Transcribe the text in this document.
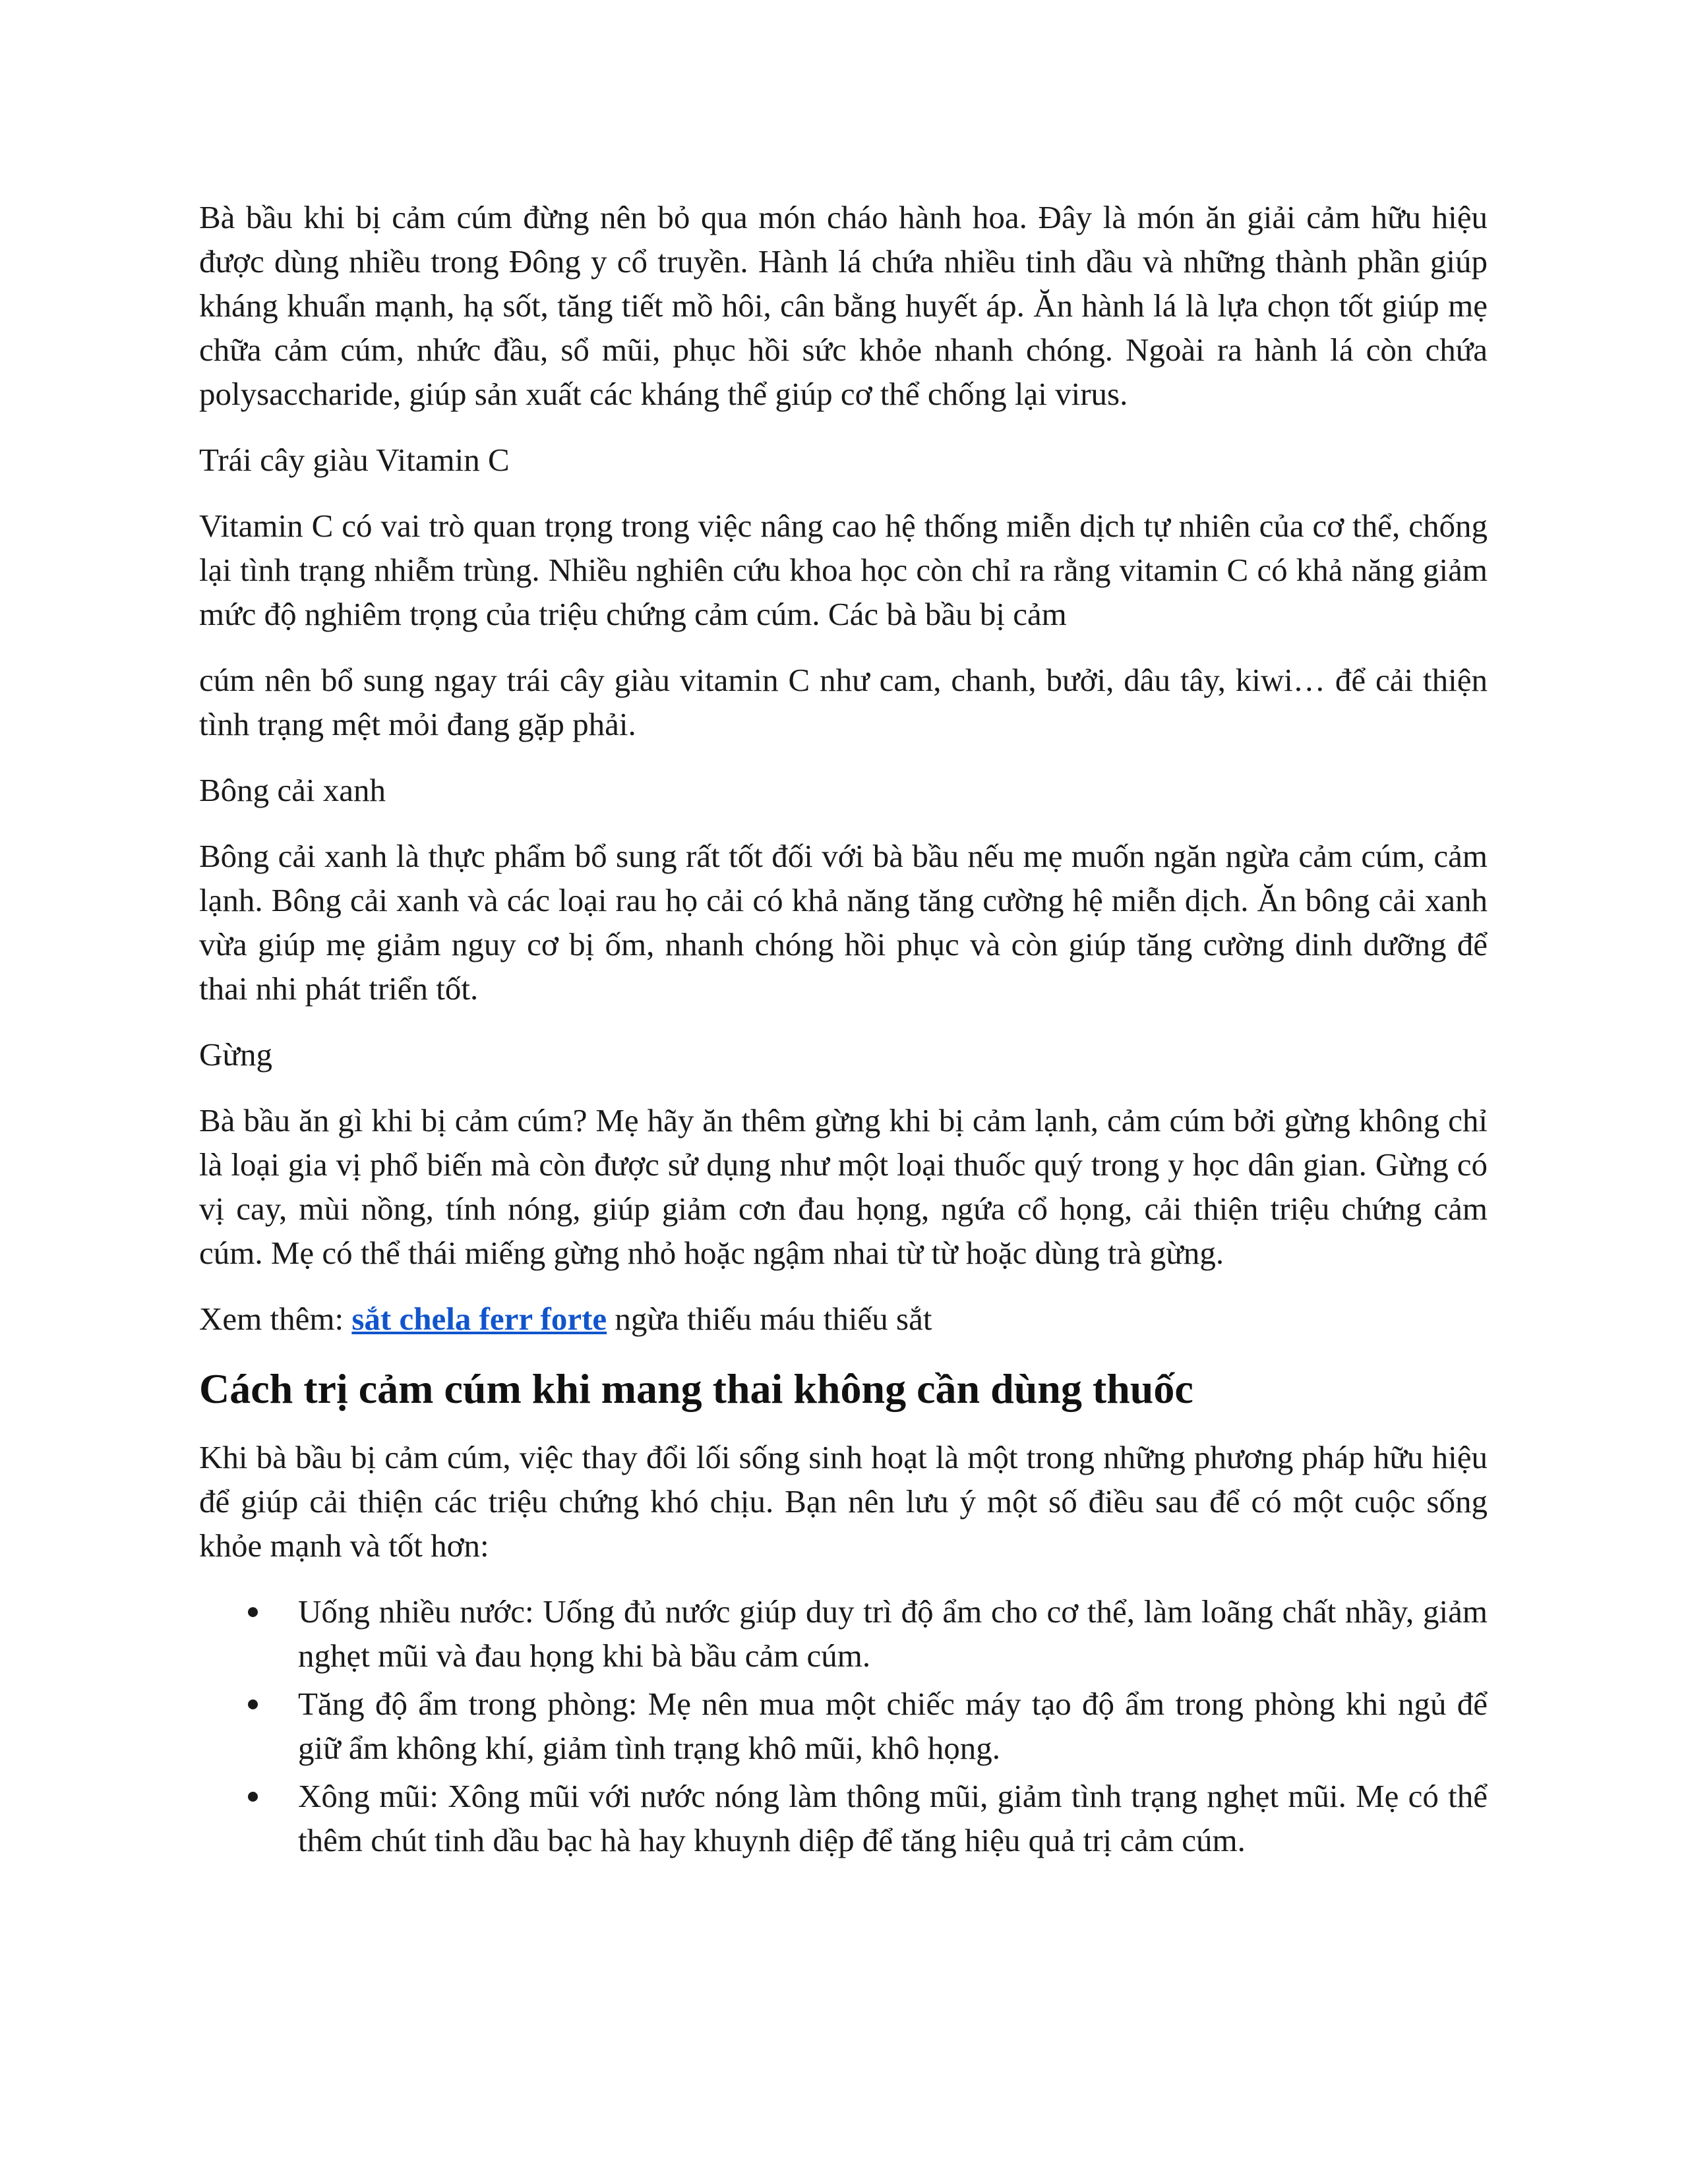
Bà bầu khi bị cảm cúm đừng nên bỏ qua món cháo hành hoa. Đây là món ăn giải cảm hữu hiệu được dùng nhiều trong Đông y cổ truyền. Hành lá chứa nhiều tinh dầu và những thành phần giúp kháng khuẩn mạnh, hạ sốt, tăng tiết mồ hôi, cân bằng huyết áp. Ăn hành lá là lựa chọn tốt giúp mẹ chữa cảm cúm, nhức đầu, sổ mũi, phục hồi sức khỏe nhanh chóng. Ngoài ra hành lá còn chứa polysaccharide, giúp sản xuất các kháng thể giúp cơ thể chống lại virus.

Trái cây giàu Vitamin C

Vitamin C có vai trò quan trọng trong việc nâng cao hệ thống miễn dịch tự nhiên của cơ thể, chống lại tình trạng nhiễm trùng. Nhiều nghiên cứu khoa học còn chỉ ra rằng vitamin C có khả năng giảm mức độ nghiêm trọng của triệu chứng cảm cúm. Các bà bầu bị cảm

cúm nên bổ sung ngay trái cây giàu vitamin C như cam, chanh, bưởi, dâu tây, kiwi… để cải thiện tình trạng mệt mỏi đang gặp phải.

Bông cải xanh

Bông cải xanh là thực phẩm bổ sung rất tốt đối với bà bầu nếu mẹ muốn ngăn ngừa cảm cúm, cảm lạnh. Bông cải xanh và các loại rau họ cải có khả năng tăng cường hệ miễn dịch. Ăn bông cải xanh vừa giúp mẹ giảm nguy cơ bị ốm, nhanh chóng hồi phục và còn giúp tăng cường dinh dưỡng để thai nhi phát triển tốt.

Gừng

Bà bầu ăn gì khi bị cảm cúm? Mẹ hãy ăn thêm gừng khi bị cảm lạnh, cảm cúm bởi gừng không chỉ là loại gia vị phổ biến mà còn được sử dụng như một loại thuốc quý trong y học dân gian. Gừng có vị cay, mùi nồng, tính nóng, giúp giảm cơn đau họng, ngứa cổ họng, cải thiện triệu chứng cảm cúm. Mẹ có thể thái miếng gừng nhỏ hoặc ngậm nhai từ từ hoặc dùng trà gừng.

Xem thêm: sắt chela ferr forte ngừa thiếu máu thiếu sắt

Cách trị cảm cúm khi mang thai không cần dùng thuốc

Khi bà bầu bị cảm cúm, việc thay đổi lối sống sinh hoạt là một trong những phương pháp hữu hiệu để giúp cải thiện các triệu chứng khó chịu. Bạn nên lưu ý một số điều sau để có một cuộc sống khỏe mạnh và tốt hơn:

Uống nhiều nước: Uống đủ nước giúp duy trì độ ẩm cho cơ thể, làm loãng chất nhầy, giảm nghẹt mũi và đau họng khi bà bầu cảm cúm.
Tăng độ ẩm trong phòng: Mẹ nên mua một chiếc máy tạo độ ẩm trong phòng khi ngủ để giữ ẩm không khí, giảm tình trạng khô mũi, khô họng.
Xông mũi: Xông mũi với nước nóng làm thông mũi, giảm tình trạng nghẹt mũi. Mẹ có thể thêm chút tinh dầu bạc hà hay khuynh diệp để tăng hiệu quả trị cảm cúm.
